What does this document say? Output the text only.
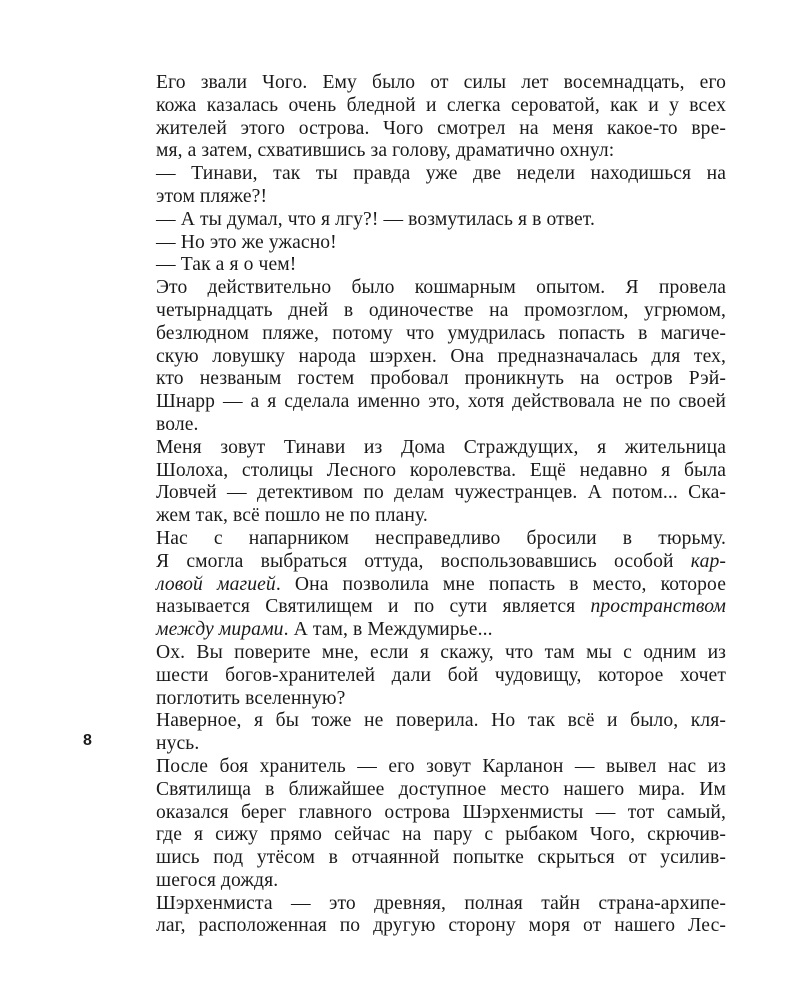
Его звали Чого. Ему было от силы лет восемнадцать, его
кожа казалась очень бледной и слегка сероватой, как и у всех
жителей этого острова. Чого смотрел на меня какое-то вре-
мя, а затем, схватившись за голову, драматично охнул:
— Тинави, так ты правда уже две недели находишься на
этом пляже?!
— А ты думал, что я лгу?! — возмутилась я в ответ.
— Но это же ужасно!
— Так а я о чем!
Это действительно было кошмарным опытом. Я провела
четырнадцать дней в одиночестве на промозглом, угрюмом,
безлюдном пляже, потому что умудрилась попасть в магиче-
скую ловушку народа шэрхен. Она предназначалась для тех,
кто незваным гостем пробовал проникнуть на остров Рэй-
Шнарр — а я сделала именно это, хотя действовала не по своей
воле.
Меня зовут Тинави из Дома Страждущих, я жительница
Шолоха, столицы Лесного королевства. Ещё недавно я была
Ловчей — детективом по делам чужестранцев. А потом... Ска-
жем так, всё пошло не по плану.
Нас с напарником несправедливо бросили в тюрьму.
Я смогла выбраться оттуда, воспользовавшись особой кар-
ловой магией. Она позволила мне попасть в место, которое
называется Святилищем и по сути является пространством
между мирами. А там, в Междумирье...
Ох. Вы поверите мне, если я скажу, что там мы с одним из
шести богов-хранителей дали бой чудовищу, которое хочет
поглотить вселенную?
Наверное, я бы тоже не поверила. Но так всё и было, кля-
нусь.
После боя хранитель — его зовут Карланон — вывел нас из
Святилища в ближайшее доступное место нашего мира. Им
оказался берег главного острова Шэрхенмисты — тот самый,
где я сижу прямо сейчас на пару с рыбаком Чого, скрючив-
шись под утёсом в отчаянной попытке скрыться от усилив-
шегося дождя.
Шэрхенмиста — это древняя, полная тайн страна-архипе-
лаг, расположенная по другую сторону моря от нашего Лес-
8
